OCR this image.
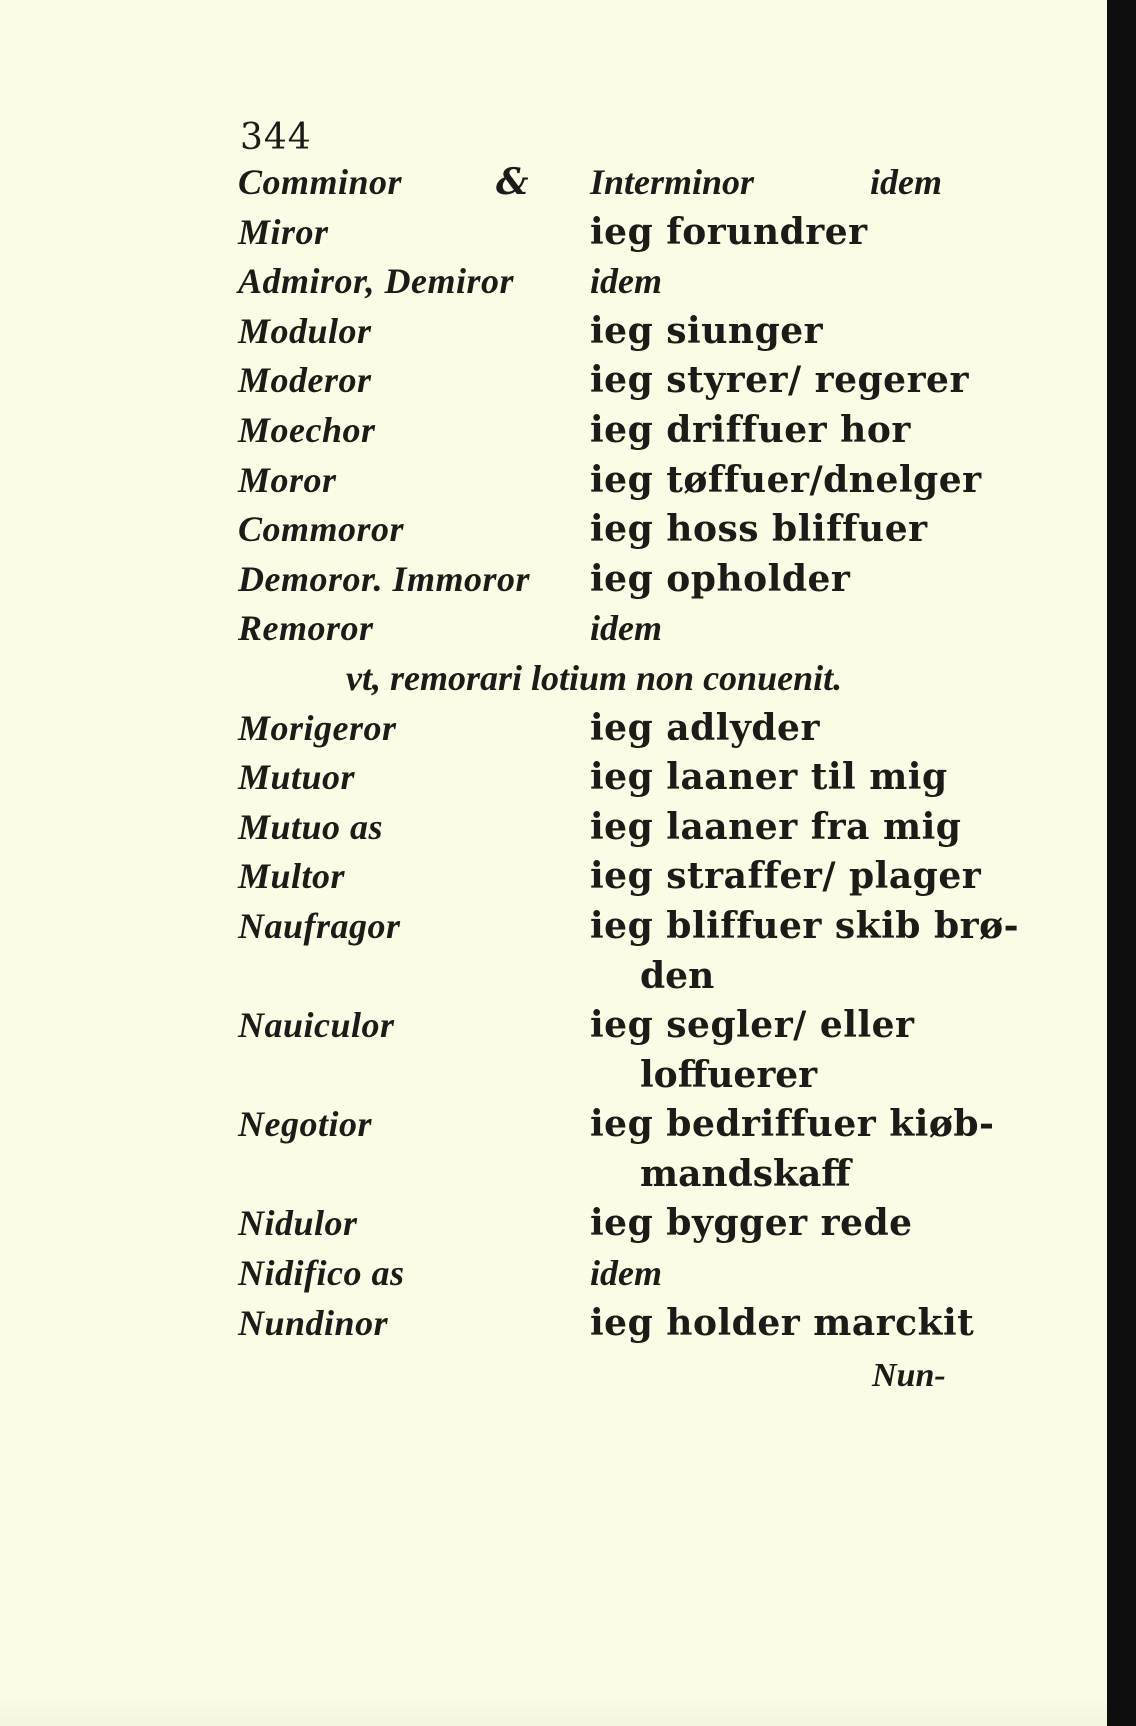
344
Comminor	& Interminor	idem
Miror	ieg forundrer
Admiror, Demiror idem
Modulor	ieg siunger
Moderor	ieg styrer/ regerer
Moechor	ieg driffuer hor
Moror	ieg tøffuer/dnelger
Commoror	ieg hoss bliffuer
Demoror. Immoror ieg opholder
Remoror	idem
vt, remorari lotium non conuenit.
Morigeror	ieg adlyder
Mutuor	ieg laaner til mig
Mutuo as	ieg laaner fra mig
Multor	ieg straffer/ plager
Naufragor	ieg bliffuer skib brø-
den
Nauiculor	ieg segler/ eller
loffuerer
Negotior	ieg bedriffuer kiøb-
mandskaff
Nidulor	ieg bygger rede
Nidifico as	idem
Nundinor	ieg holder marckit
Nun-
